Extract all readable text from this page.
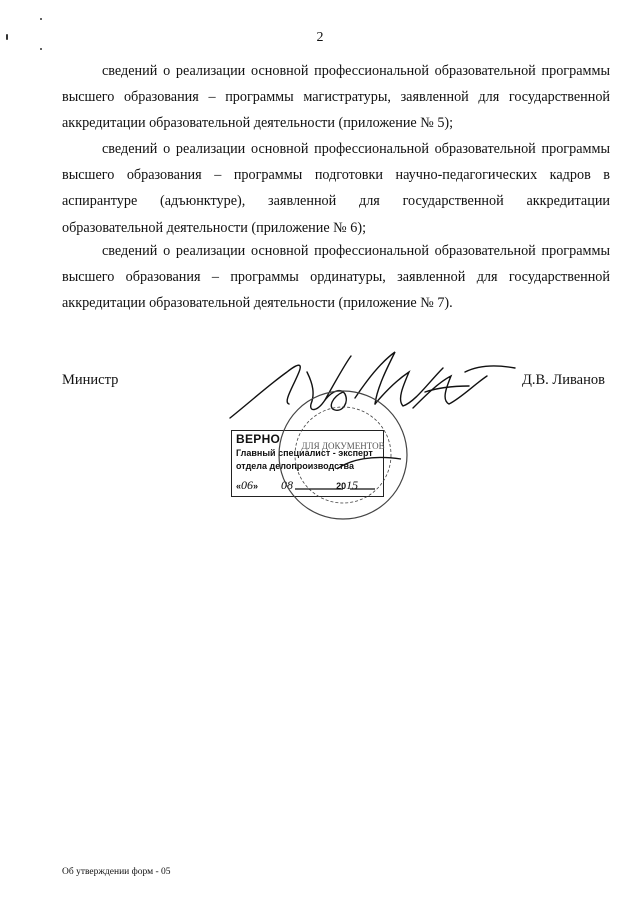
2

сведений о реализации основной профессиональной образовательной программы высшего образования – программы магистратуры, заявленной для государственной аккредитации образовательной деятельности (приложение № 5);

сведений о реализации основной профессиональной образовательной программы высшего образования – программы подготовки научно-педагогических кадров в аспирантуре (адъюнктуре), заявленной для государственной аккредитации образовательной деятельности (приложение № 6);

сведений о реализации основной профессиональной образовательной программы высшего образования – программы ординатуры, заявленной для государственной аккредитации образовательной деятельности (приложение № 7).

Министр	Д.В. Ливанов
ВЕРНО
Главный специалист - эксперт
отдела делопроизводства
«06»  08	2015
ДЛЯ ДОКУМЕНТОВ
Об утверждении форм - 05
